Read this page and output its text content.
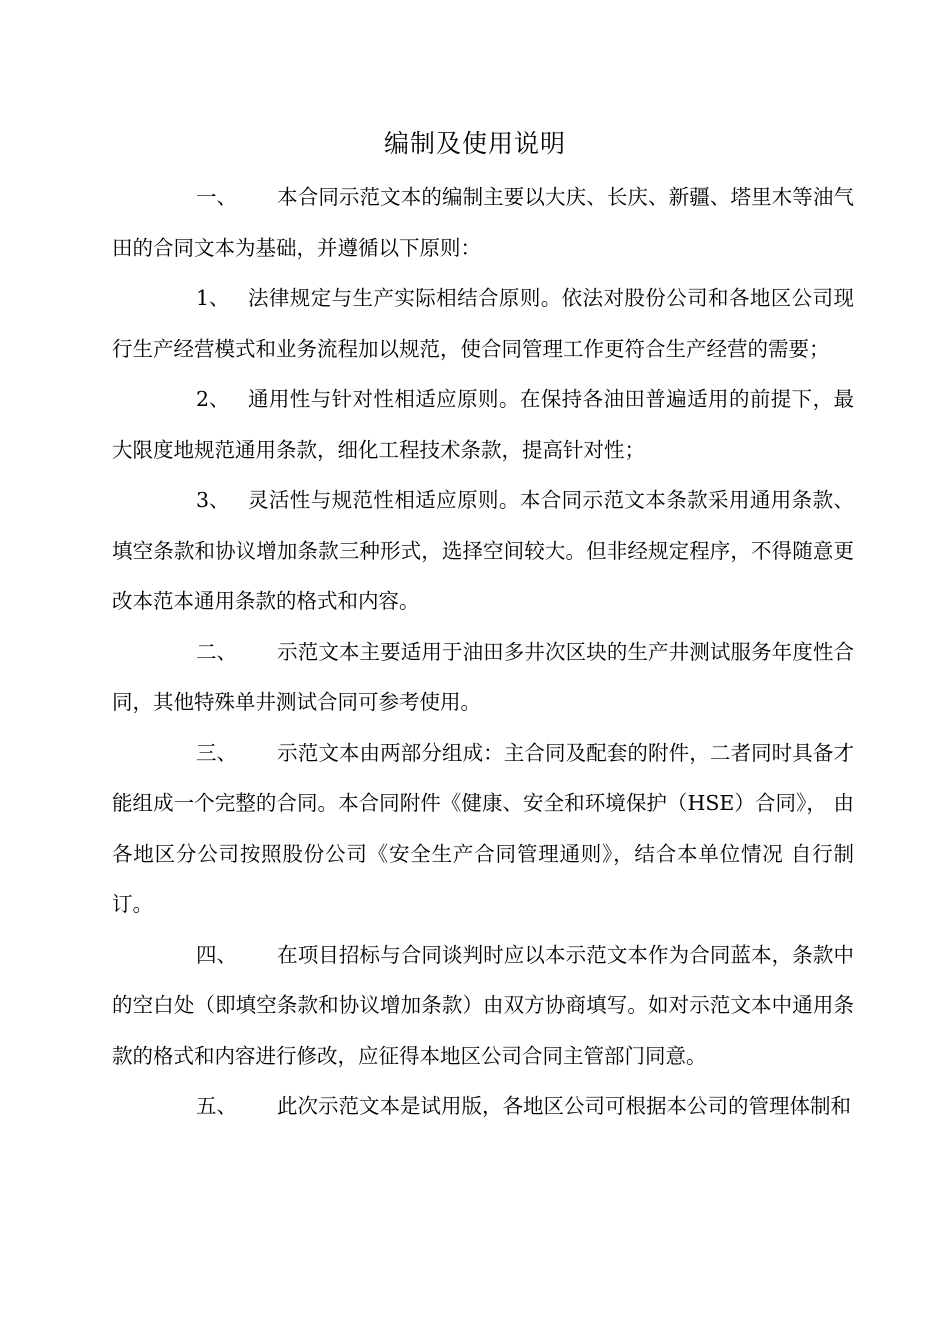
编制及使用说明

一、 本合同示范文本的编制主要以大庆、长庆、新疆、塔里木等油气田的合同文本为基础，并遵循以下原则：

1、 法律规定与生产实际相结合原则。依法对股份公司和各地区公司现行生产经营模式和业务流程加以规范，使合同管理工作更符合生产经营的需要；

2、 通用性与针对性相适应原则。在保持各油田普遍适用的前提下，最大限度地规范通用条款，细化工程技术条款，提高针对性；

3、 灵活性与规范性相适应原则。本合同示范文本条款采用通用条款、填空条款和协议增加条款三种形式，选择空间较大。但非经规定程序，不得随意更改本范本通用条款的格式和内容。

二、 示范文本主要适用于油田多井次区块的生产井测试服务年度性合同，其他特殊单井测试合同可参考使用。

三、 示范文本由两部分组成：主合同及配套的附件，二者同时具备才能组成一个完整的合同。本合同附件《健康、安全和环境保护（HSE）合同》， 由各地区分公司按照股份公司《安全生产合同管理通则》，结合本单位情况 自行制订。

四、 在项目招标与合同谈判时应以本示范文本作为合同蓝本，条款中的空白处（即填空条款和协议增加条款）由双方协商填写。如对示范文本中通用条款的格式和内容进行修改，应征得本地区公司合同主管部门同意。

五、 此次示范文本是试用版，各地区公司可根据本公司的管理体制和
